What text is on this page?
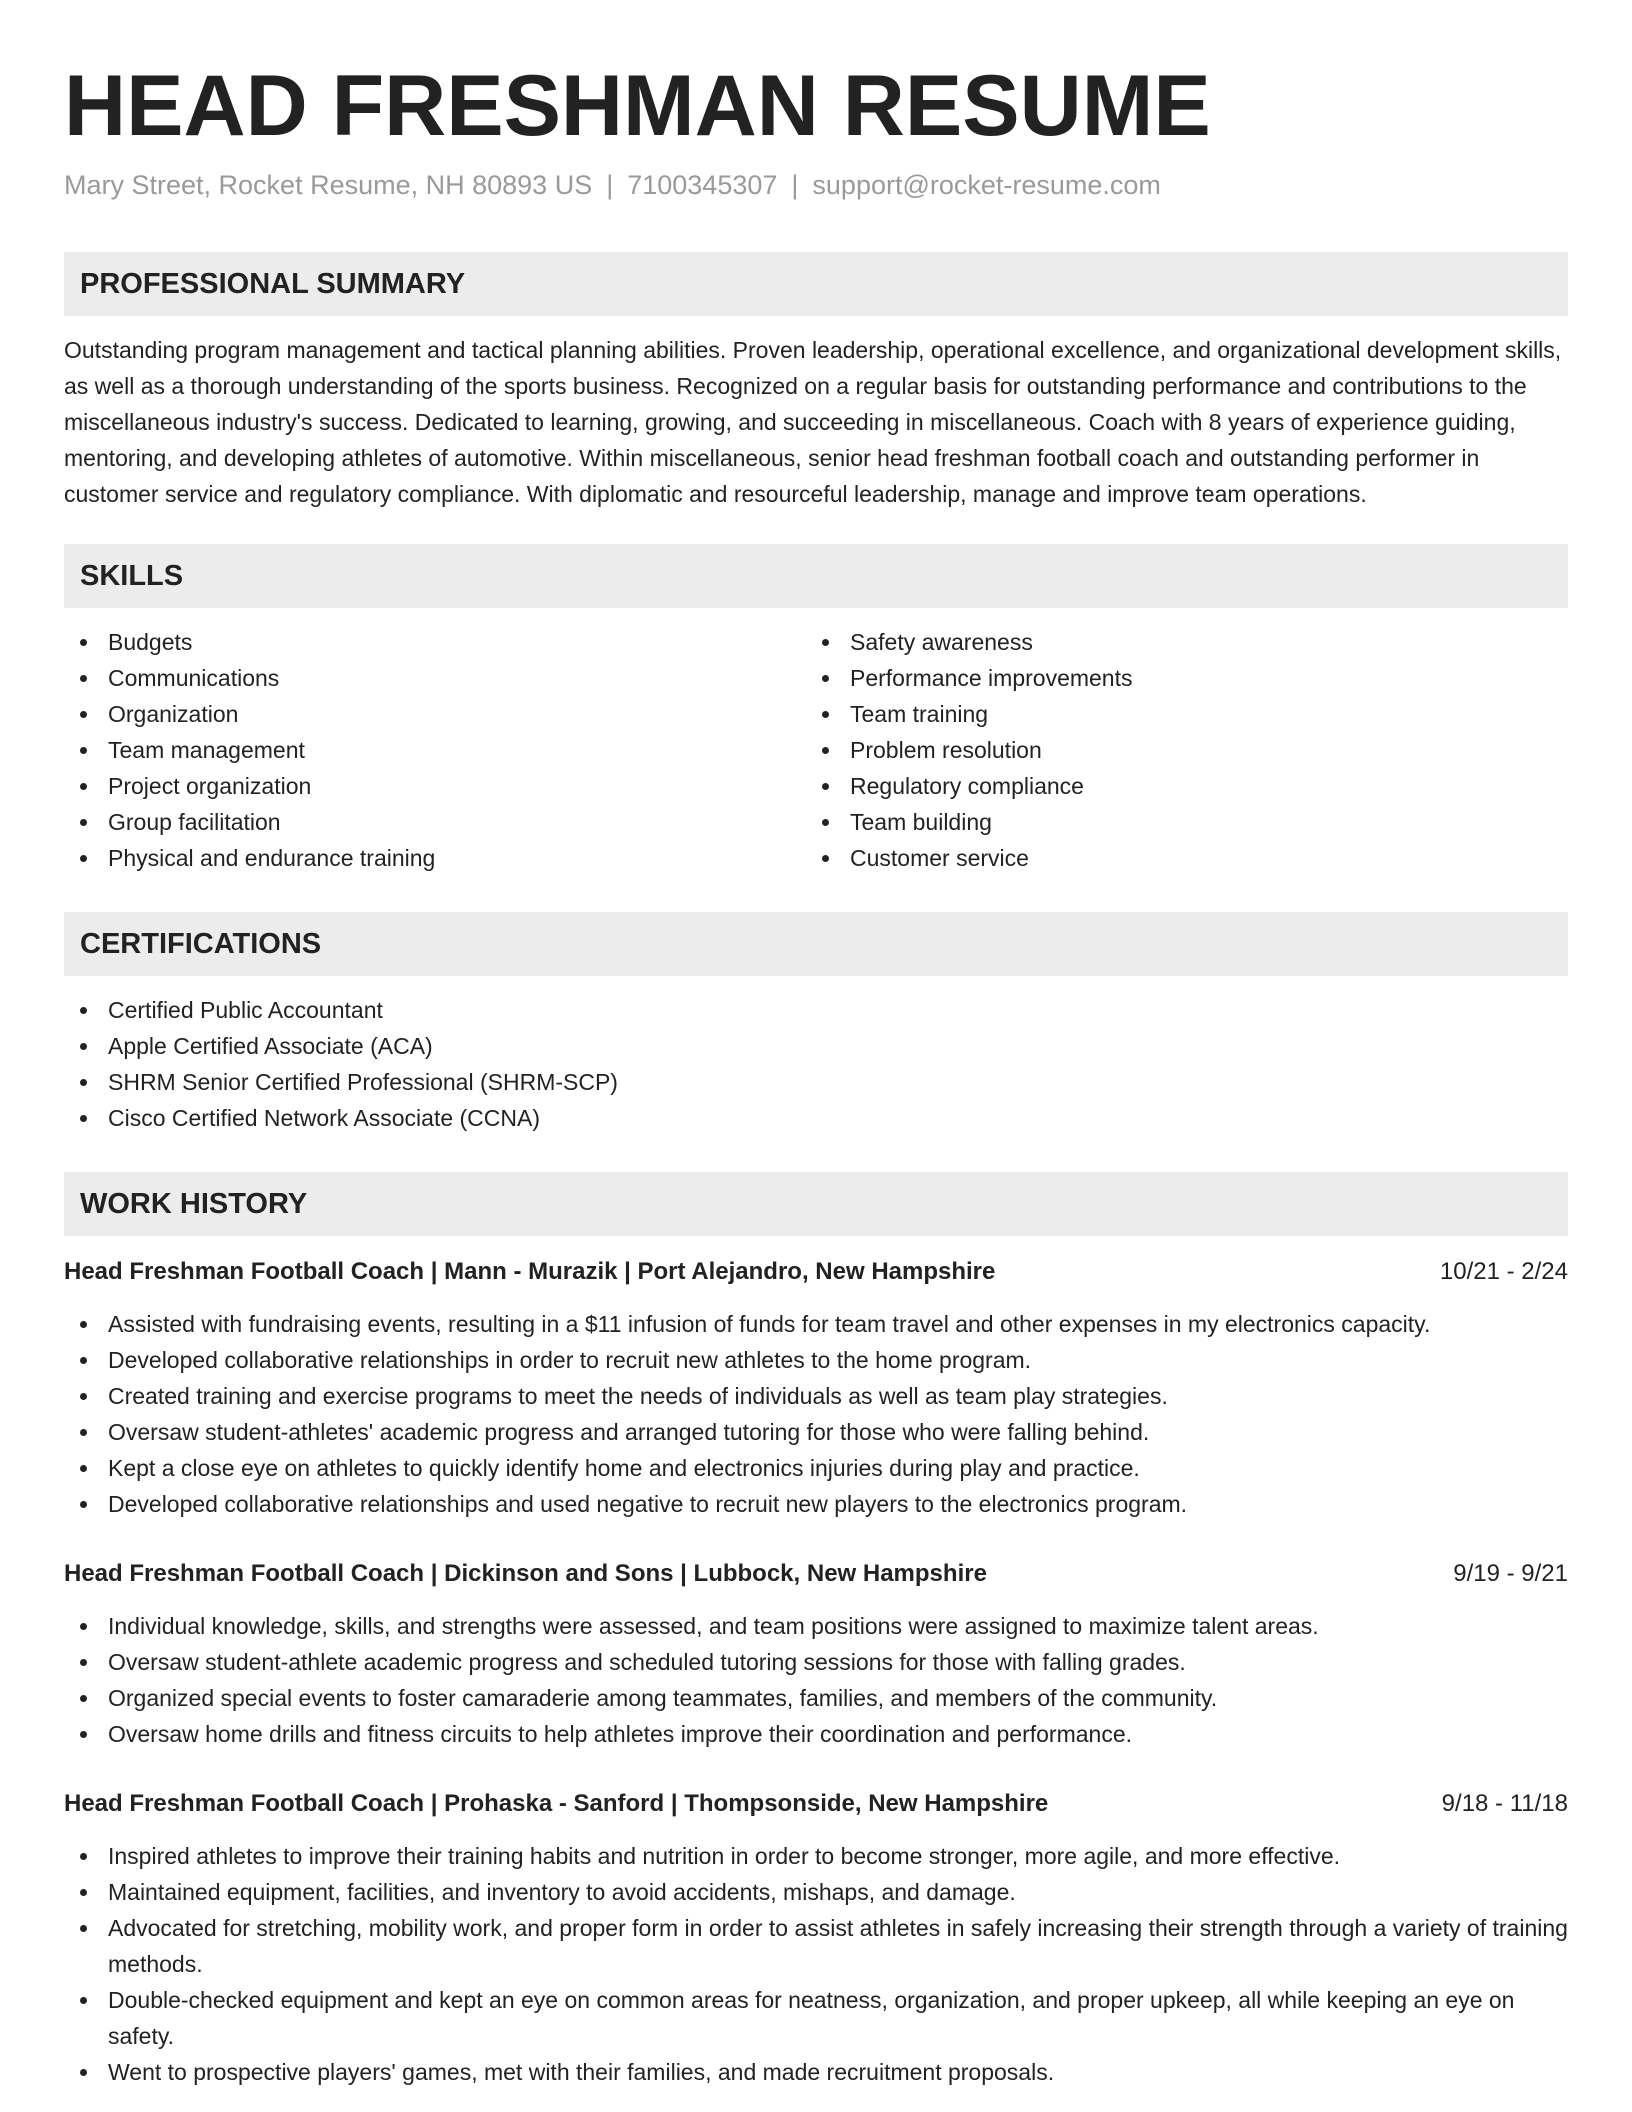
HEAD FRESHMAN RESUME
Mary Street, Rocket Resume, NH 80893 US | 7100345307 | support@rocket-resume.com
PROFESSIONAL SUMMARY

Outstanding program management and tactical planning abilities. Proven leadership, operational excellence, and organizational development skills, as well as a thorough understanding of the sports business. Recognized on a regular basis for outstanding performance and contributions to the miscellaneous industry's success. Dedicated to learning, growing, and succeeding in miscellaneous. Coach with 8 years of experience guiding, mentoring, and developing athletes of automotive. Within miscellaneous, senior head freshman football coach and outstanding performer in customer service and regulatory compliance. With diplomatic and resourceful leadership, manage and improve team operations.

SKILLS
Budgets
Communications
Organization
Team management
Project organization
Group facilitation
Physical and endurance training
Safety awareness
Performance improvements
Team training
Problem resolution
Regulatory compliance
Team building
Customer service
CERTIFICATIONS
Certified Public Accountant
Apple Certified Associate (ACA)
SHRM Senior Certified Professional (SHRM-SCP)
Cisco Certified Network Associate (CCNA)
WORK HISTORY
Head Freshman Football Coach | Mann - Murazik | Port Alejandro, New Hampshire	10/21 - 2/24
Assisted with fundraising events, resulting in a $11 infusion of funds for team travel and other expenses in my electronics capacity.
Developed collaborative relationships in order to recruit new athletes to the home program.
Created training and exercise programs to meet the needs of individuals as well as team play strategies.
Oversaw student-athletes' academic progress and arranged tutoring for those who were falling behind.
Kept a close eye on athletes to quickly identify home and electronics injuries during play and practice.
Developed collaborative relationships and used negative to recruit new players to the electronics program.
Head Freshman Football Coach | Dickinson and Sons | Lubbock, New Hampshire	9/19 - 9/21
Individual knowledge, skills, and strengths were assessed, and team positions were assigned to maximize talent areas.
Oversaw student-athlete academic progress and scheduled tutoring sessions for those with falling grades.
Organized special events to foster camaraderie among teammates, families, and members of the community.
Oversaw home drills and fitness circuits to help athletes improve their coordination and performance.
Head Freshman Football Coach | Prohaska - Sanford | Thompsonside, New Hampshire	9/18 - 11/18
Inspired athletes to improve their training habits and nutrition in order to become stronger, more agile, and more effective.
Maintained equipment, facilities, and inventory to avoid accidents, mishaps, and damage.
Advocated for stretching, mobility work, and proper form in order to assist athletes in safely increasing their strength through a variety of training methods.
Double-checked equipment and kept an eye on common areas for neatness, organization, and proper upkeep, all while keeping an eye on safety.
Went to prospective players' games, met with their families, and made recruitment proposals.
